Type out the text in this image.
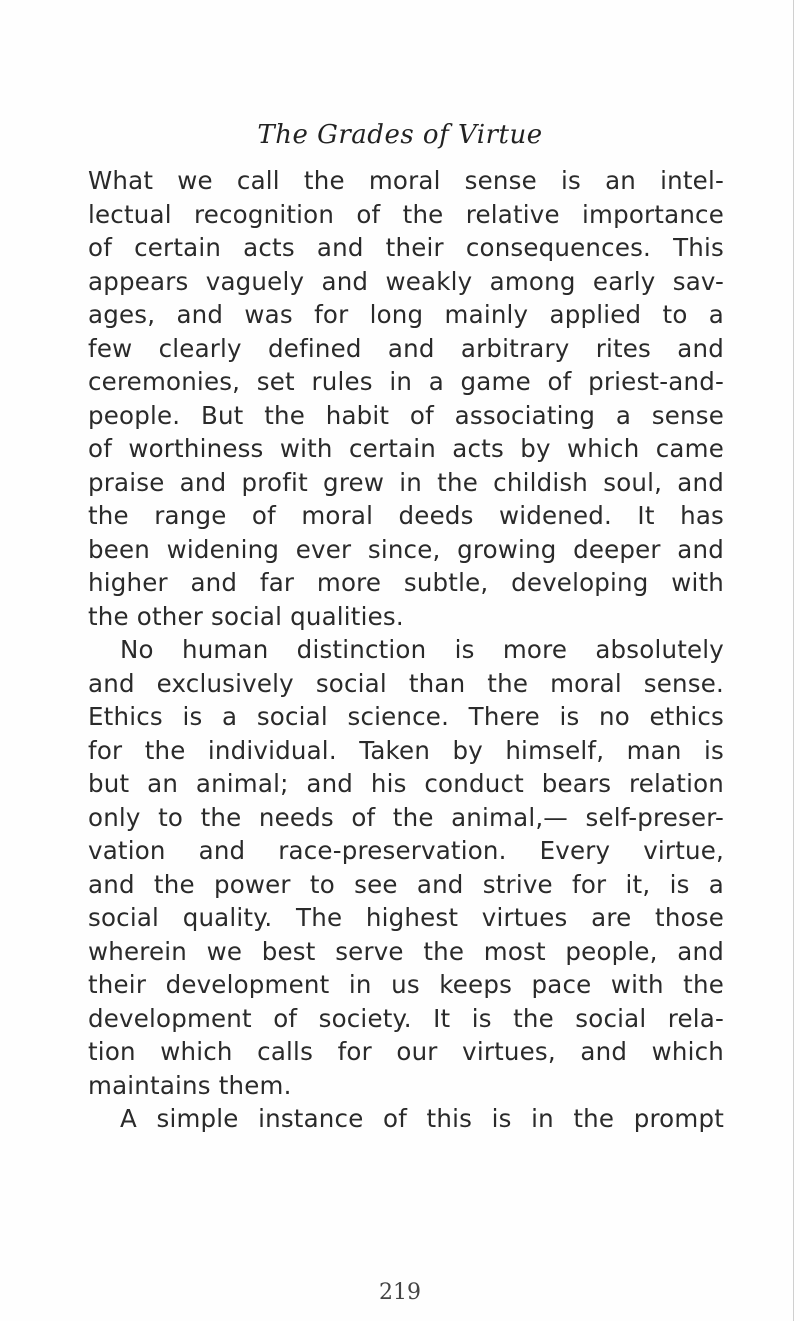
The Grades of Virtue
What we call the moral sense is an intel-
lectual recognition of the relative importance
of certain acts and their consequences. This
appears vaguely and weakly among early sav-
ages, and was for long mainly applied to a
few clearly defined and arbitrary rites and
ceremonies, set rules in a game of priest-and-
people. But the habit of associating a sense
of worthiness with certain acts by which came
praise and profit grew in the childish soul, and
the range of moral deeds widened. It has
been widening ever since, growing deeper and
higher and far more subtle, developing with
the other social qualities.
No human distinction is more absolutely
and exclusively social than the moral sense.
Ethics is a social science. There is no ethics
for the individual. Taken by himself, man is
but an animal; and his conduct bears relation
only to the needs of the animal,— self-preser-
vation and race-preservation. Every virtue,
and the power to see and strive for it, is a
social quality. The highest virtues are those
wherein we best serve the most people, and
their development in us keeps pace with the
development of society. It is the social rela-
tion which calls for our virtues, and which
maintains them.
A simple instance of this is in the prompt
219
